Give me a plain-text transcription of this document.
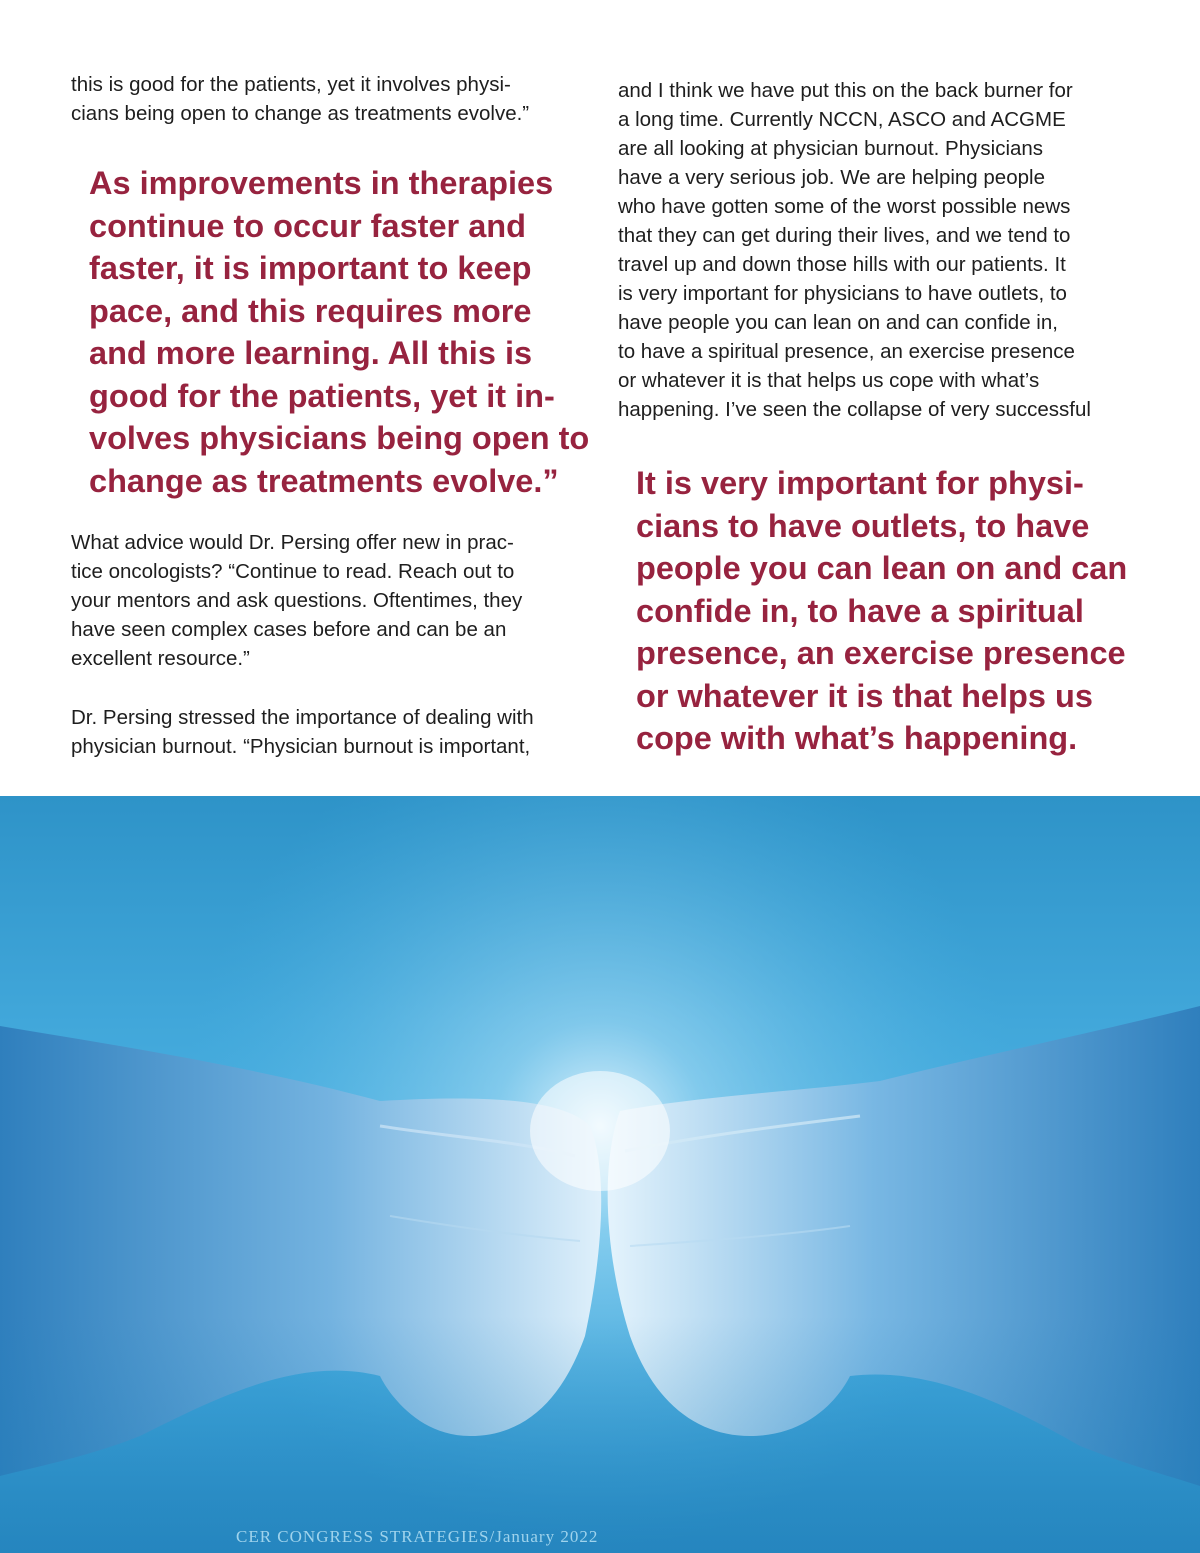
this is good for the patients, yet it involves physi-
cians being open to change as treatments evolve.”
As improvements in therapies
continue to occur faster and
faster, it is important to keep
pace, and this requires more
and more learning. All this is
good for the patients, yet it in-
volves physicians being open to
change as treatments evolve.”
What advice would Dr. Persing offer new in prac-
tice oncologists? “Continue to read. Reach out to
your mentors and ask questions. Oftentimes, they
have seen complex cases before and can be an
excellent resource.”
Dr. Persing stressed the importance of dealing with
physician burnout. “Physician burnout is important,
and I think we have put this on the back burner for
a long time. Currently NCCN, ASCO and ACGME
are all looking at physician burnout. Physicians
have a very serious job. We are helping people
who have gotten some of the worst possible news
that they can get during their lives, and we tend to
travel up and down those hills with our patients. It
is very important for physicians to have outlets, to
have people you can lean on and can confide in,
to have a spiritual presence, an exercise presence
or whatever it is that helps us cope with what’s
happening. I’ve seen the collapse of very successful
It is very important for physi-
cians to have outlets, to have
people you can lean on and can
confide in, to have a spiritual
presence, an exercise presence
or whatever it is that helps us
cope with what’s happening.
CER CONGRESS STRATEGIES/January 2022
